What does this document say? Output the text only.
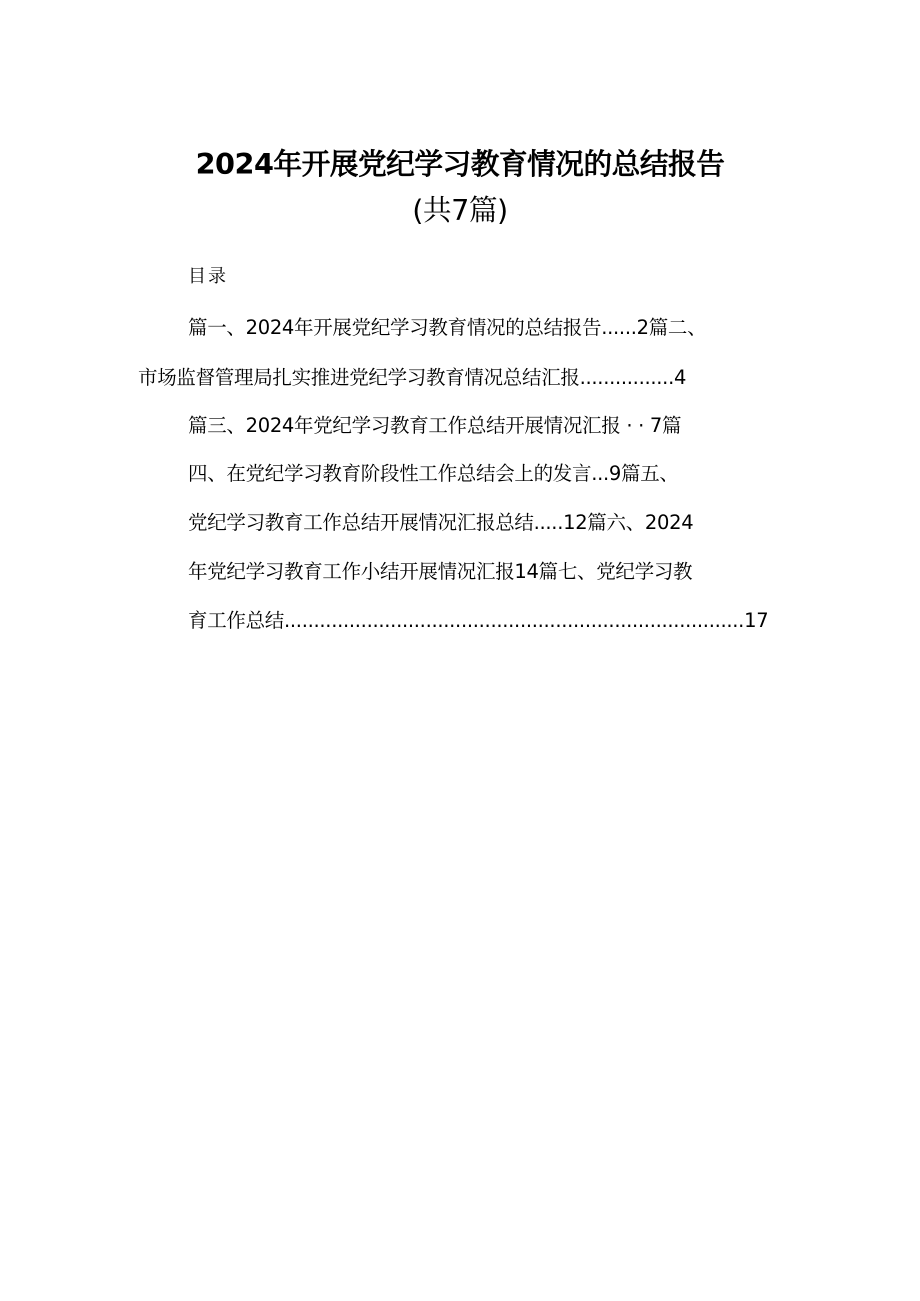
2024年开展党纪学习教育情况的总结报告
(共7篇)
目录
篇一、2024年开展党纪学习教育情况的总结报告......2篇二、
市场监督管理局扎实推进党纪学习教育情况总结汇报................4
篇三、2024年党纪学习教育工作总结开展情况汇报 · · 7篇
四、在党纪学习教育阶段性工作总结会上的发言...9篇五、
党纪学习教育工作总结开展情况汇报总结.....12篇六、2024
年党纪学习教育工作小结开展情况汇报14篇七、党纪学习教
育工作总结..............................................................................17
